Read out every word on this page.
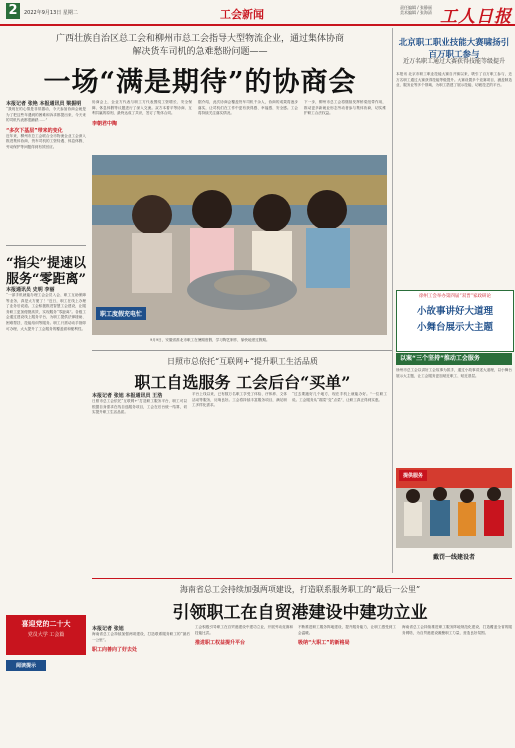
2	2022年9月13日 星期二	工会新闻
责任编辑 / 张静丽
美术编辑 / 张海清 工人日报
广西壮族自治区总工会和柳州市总工会指导大型物流企业，通过集体协商
解决货车司机的急难愁盼问题——
一场“满是期待”的协商会
本报记者 张艳 本报通讯员 梁振明
“我现在的心情是非常激动，今天参加协商会就是为了把这些年遇到的困难和诉求都提出来，今天来的司机代表都很踊跃……”
“多次下基层”带来的变化
近年来，柳州市总工会联合全市物流企业工会深入推进集体协商，货车司机的工资待遇、休息休假、劳动保护等问题得到有效回应。
协商会上，企业方代表与职工方代表围绕工资增长、安全保障、休息休假等议题进行了深入交流。双方本着平等协商、互利共赢的原则，最终达成了共识，签订了集体合同。
李朝君中陶
据介绍，此次协商会覆盖货车司机千余人，协商的成果将逐步落实，让司机们在工作中更有获得感、幸福感、安全感。工会将持续关注落实情况。
下一步，柳州市总工会将继续发挥桥梁纽带作用，推动更多新就业形态劳动者参与集体协商，切实维护职工合法权益。
职工度假充电忙
9月9日，安徽省淮北市职工在暑期度假，学习陶艺制作，愉快地度过假期。
“指尖”提速以
服务“零距离”
本报通讯员 史明 李丽
“一部手机就能办理工会会员入会、职工互助保障等业务，真是太方便了！”近日，职工在线上办理了业务后说道。工会积极推进智慧工会建设，让服务职工更加便捷高效，实现服务“零距离”。各级工会通过建设线上服务平台，为职工提供法律援助、困难帮扶、技能培训等服务。职工只需动动手指即可办理，大大提升了工会服务的覆盖面和便利性。
喜迎党的二十大
党员大学 工会篇
阅读提示
日照市总依托“互联网+”提升职工生活品质
职工自选服务 工会后台“买单”
本报记者 张旭 本报通讯员 王浩
日照市总工会依托“互联网+”打造职工服务平台，职工可以根据自身需求在线自选服务项目，工会在后台统一结算，切实提升职工生活品质。
平台上线以来，已有数万名职工享受了体检、疗休养、文体活动等服务，反响良好。工会将持续丰富服务项目，满足职工多样化需求。
“过去要跑好几个地方，现在手机上就能办好。”一位职工说。工会服务从“端菜”变“点菜”，让职工真正得到实惠。
海南省总工会持续加强两项建设，打造联系服务职工的“最后一公里”
引领职工在自贸港建设中建功立业
本报记者 张旭
海南省总工会持续加强两项建设，打造联系服务职工的“最后一公里”。
职工向善向了好去处
工会积极引导职工在自贸港建设中建功立业，开展劳动竞赛和技能比武。
推进职工权益提升平台
不断推进职工服务阵地建设，提升服务能力，让职工感受到工会温暖。
吸纳“大职工”的新格局
北京职工职业技能大赛啸扬引百万职工参与
近万名职工通过大赛获得技能等级提升
本报讯 北京市职工职业技能大赛自开赛以来，吸引了百万职工参与，近万名职工通过大赛获得技能等级提升。大赛设置多个竞赛项目，涵盖制造业、服务业等多个领域，为职工搭建了展示技能、切磋技艺的平台。
徐州工会举办第四届“双晋”家政研论
小故事讲好大道理
小舞台展示大主题
以案“三个坚持”推动工会服务
徐州市总工会以讲好工会故事为抓手，通过小故事讲述大道理，以小舞台展示大主题，让工会服务更加贴近职工、贴近基层。
提供服务
戴罚一线建设者
海南省总工会持续推进职工服务阵地规范化建设，打造覆盖全省的服务网络，为自贸港建设凝聚职工力量，营造良好氛围。
